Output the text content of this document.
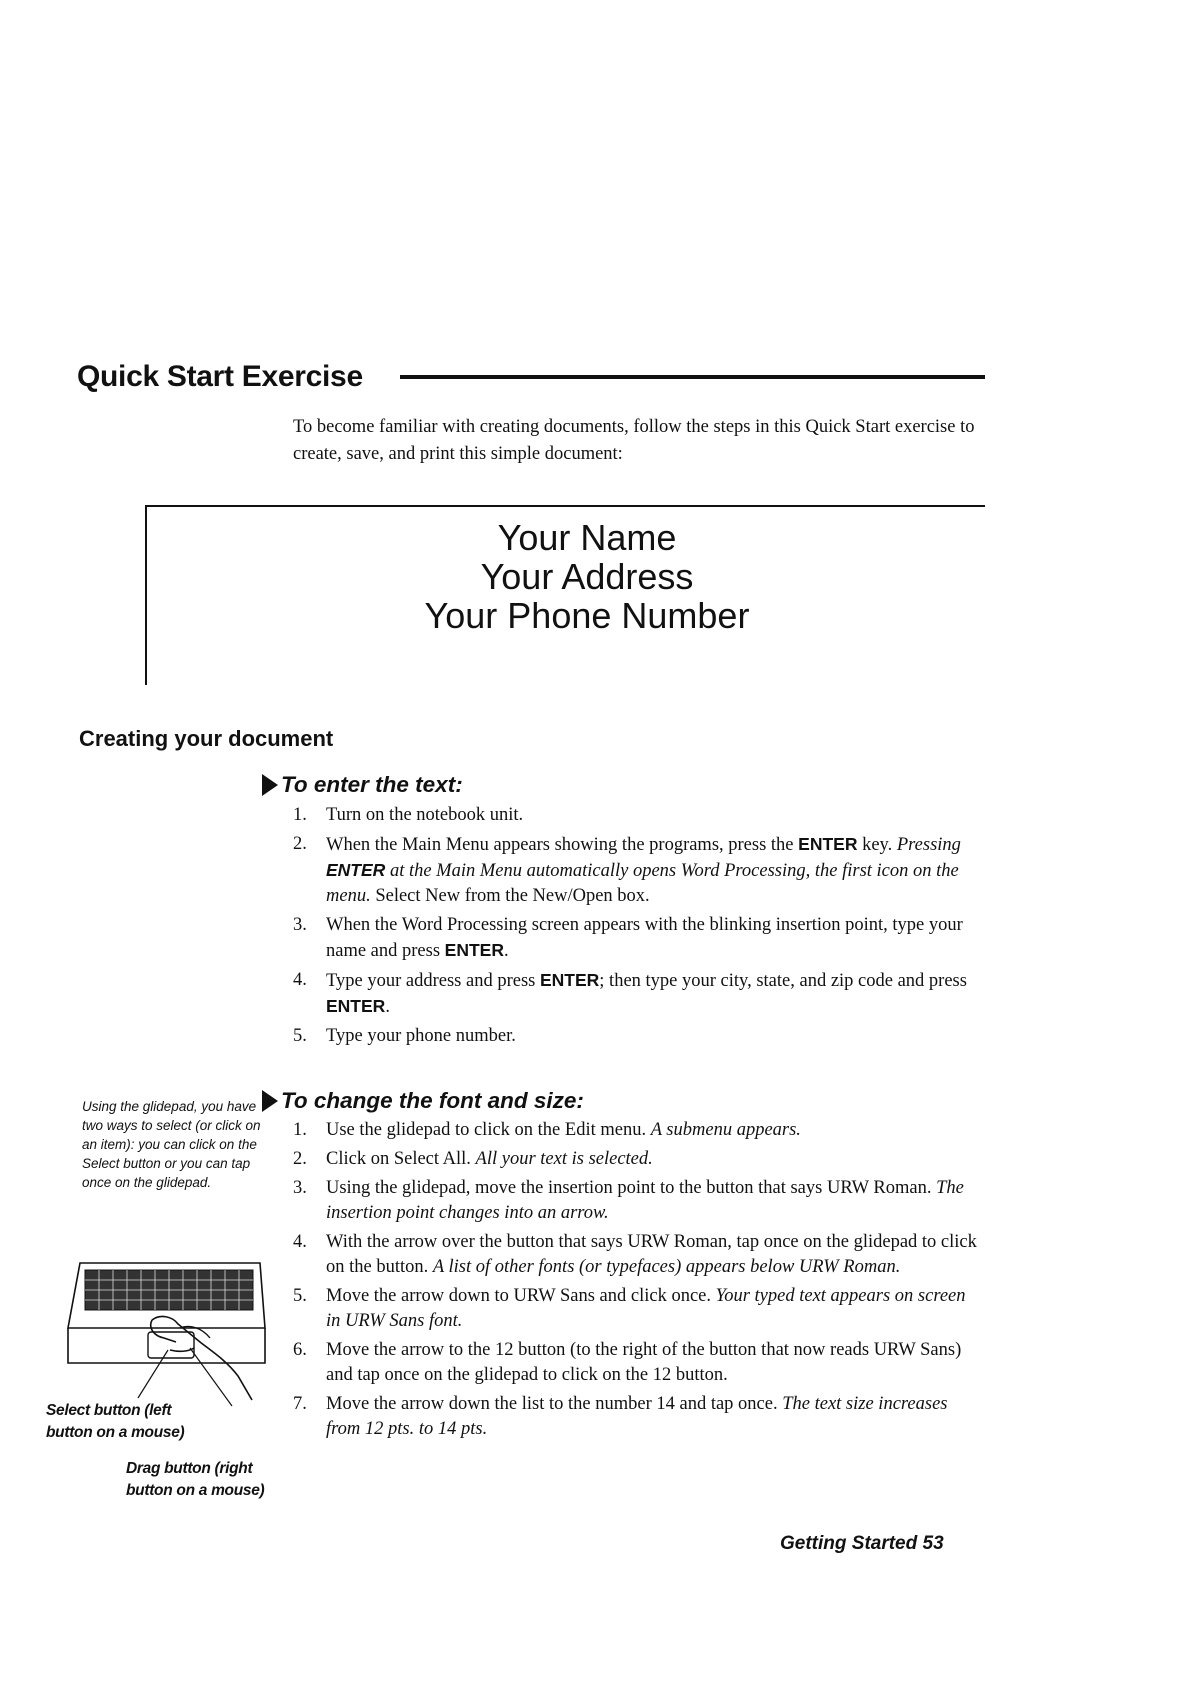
Quick Start Exercise

To become familiar with creating documents, follow the steps in this Quick Start exercise to create, save, and print this simple document:

Your Name
Your Address
Your Phone Number
Creating your document
To enter the text:
1. Turn on the notebook unit.
2. When the Main Menu appears showing the programs, press the ENTER key. Pressing ENTER at the Main Menu automatically opens Word Processing, the first icon on the menu. Select New from the New/Open box.
3. When the Word Processing screen appears with the blinking insertion point, type your name and press ENTER.
4. Type your address and press ENTER; then type your city, state, and zip code and press ENTER.
5. Type your phone number.
To change the font and size:
1. Use the glidepad to click on the Edit menu. A submenu appears.
2. Click on Select All. All your text is selected.
3. Using the glidepad, move the insertion point to the button that says URW Roman. The insertion point changes into an arrow.
4. With the arrow over the button that says URW Roman, tap once on the glidepad to click on the button. A list of other fonts (or typefaces) appears below URW Roman.
5. Move the arrow down to URW Sans and click once. Your typed text appears on screen in URW Sans font.
6. Move the arrow to the 12 button (to the right of the button that now reads URW Sans) and tap once on the glidepad to click on the 12 button.
7. Move the arrow down the list to the number 14 and tap once. The text size increases from 12 pts. to 14 pts.

Using the glidepad, you have two ways to select (or click on an item): you can click on the Select button or you can tap once on the glidepad.

Select button (left
button on a mouse)
Drag button (right
button on a mouse)

Getting Started 53
